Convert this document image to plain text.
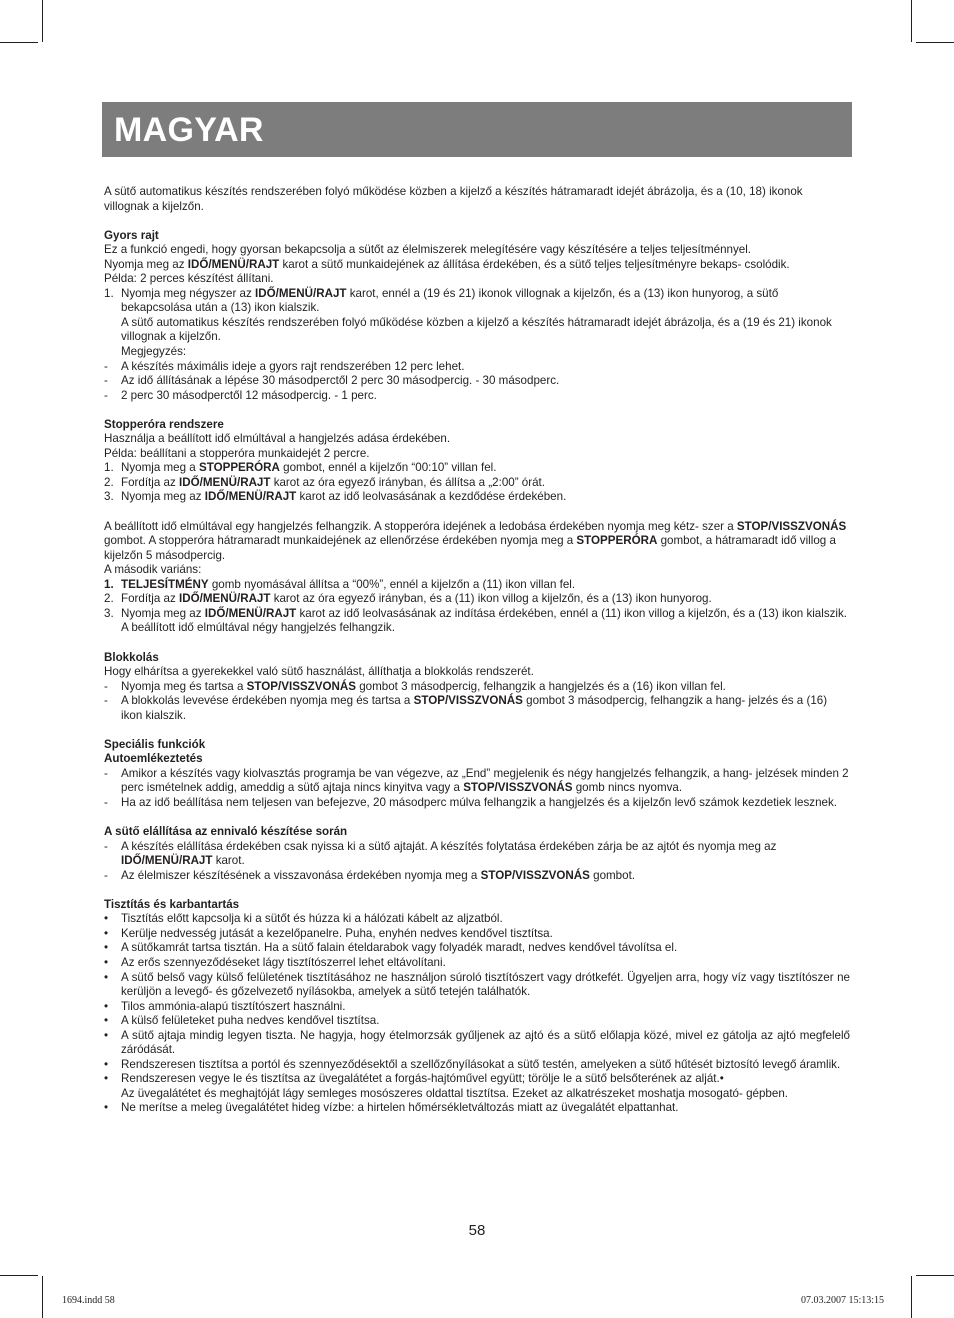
MAGYAR

A sütő automatikus készítés rendszerében folyó működése közben a kijelző a készítés hátramaradt idejét ábrázolja, és a (10, 18) ikonok villognak a kijelzőn.

Gyors rajt

Ez a funkció engedi, hogy gyorsan bekapcsolja a sütőt az élelmiszerek melegítésére vagy készítésére a teljes teljesítménnyel.

Nyomja meg az IDŐ/MENÜ/RAJT karot a sütő munkaidejének az állítása érdekében, és a sütő teljes teljesítményre bekaps- csolódik.

Példa: 2 perces készítést állítani.

1. Nyomja meg négyszer az IDŐ/MENÜ/RAJT karot, ennél a (19 és 21) ikonok villognak a kijelzőn, és a (13) ikon hunyorog, a sütő bekapcsolása után a (13) ikon kialszik.

A sütő automatikus készítés rendszerében folyó működése közben a kijelző a készítés hátramaradt idejét ábrázolja, és a (19 és 21) ikonok villognak a kijelzőn.

Megjegyzés:

-	A készítés máximális ideje a gyors rajt rendszerében 12 perc lehet.
-	Az idő állításának a lépése 30 másodperctől 2 perc 30 másodpercig. - 30 másodperc.
-	2 perc 30 másodperctől 12 másodpercig. - 1 perc.

Stopperóra rendszere

Használja a beállított idő elmúltával a hangjelzés adása érdekében.

Példa: beállítani a stopperóra munkaidejét 2 percre.

1. Nyomja meg a STOPPERÓRA gombot, ennél a kijelzőn “00:10” villan fel.
2. Fordítja az IDŐ/MENÜ/RAJT karot az óra egyező irányban, és állítsa a „2:00” órát.
3. Nyomja meg az IDŐ/MENÜ/RAJT karot az idő leolvasásának a kezdődése érdekében.

A beállított idő elmúltával egy hangjelzés felhangzik. A stopperóra idejének a ledobása érdekében nyomja meg kétz- szer a STOP/VISSZVONÁS gombot. A stopperóra hátramaradt munkaidejének az ellenőrzése érdekében nyomja meg a STOPPERÓRA gombot, a hátramaradt idő villog a kijelzőn 5 másodpercig.

A második variáns:

1. TELJESÍTMÉNY gomb nyomásával állítsa a “00%”, ennél a kijelzőn a (11) ikon villan fel.
2. Fordítja az IDŐ/MENÜ/RAJT karot az óra egyező irányban, és a (11) ikon villog a kijelzőn, és a (13) ikon hunyorog.
3. Nyomja meg az IDŐ/MENÜ/RAJT karot az idő leolvasásának az indítása érdekében, ennél a (11) ikon villog a kijelzőn, és a (13) ikon kialszik.

A beállított idő elmúltával négy hangjelzés felhangzik.

Blokkolás

Hogy elhárítsa a gyerekekkel való sütő használást, állíthatja a blokkolás rendszerét.

-	Nyomja meg és tartsa a STOP/VISSZVONÁS gombot 3 másodpercig, felhangzik a hangjelzés és a (16) ikon villan fel.
-	A blokkolás levevése érdekében nyomja meg és tartsa a STOP/VISSZVONÁS gombot 3 másodpercig, felhangzik a hang- jelzés és a (16) ikon kialszik.

Speciális funkciók

Autoemlékeztetés

-	Amikor a készítés vagy kiolvasztás programja be van végezve, az „End” megjelenik és négy hangjelzés felhangzik, a hang- jelzések minden 2 perc ismételnek addig, ameddig a sütő ajtaja nincs kinyitva vagy a STOP/VISSZVONÁS gomb nincs nyomva.
-	Ha az idő beállítása nem teljesen van befejezve, 20 másodperc múlva felhangzik a hangjelzés és a kijelzőn levő számok kezdetiek lesznek.

A sütő elállítása az ennivaló készítése során

-	A készítés elállítása érdekében csak nyissa ki a sütő ajtaját. A készítés folytatása érdekében zárja be az ajtót és nyomja meg az IDŐ/MENÜ/RAJT karot.
-	Az élelmiszer készítésének a visszavonása érdekében nyomja meg a STOP/VISSZVONÁS gombot.

Tisztítás és karbantartás

•	Tisztítás előtt kapcsolja ki a sütőt és húzza ki a hálózati kábelt az aljzatból.
•	Kerülje nedvesség jutását a kezelőpanelre. Puha, enyhén nedves kendővel tisztítsa.
•	A sütőkamrát tartsa tisztán. Ha a sütő falain ételdarabok vagy folyadék maradt, nedves kendővel távolítsa el.
•	Az erős szennyeződéseket lágy tisztítószerrel lehet eltávolítani.
•	A sütő belső vagy külső felületének tisztításához ne használjon súroló tisztítószert vagy drótkefét. Ügyeljen arra, hogy víz vagy tisztítószer ne kerüljön a levegő- és gőzelvezető nyílásokba, amelyek a sütő tetején találhatók.
•	Tilos ammónia-alapú tisztítószert használni.
•	A külső felületeket puha nedves kendővel tisztítsa.
•	A sütő ajtaja mindig legyen tiszta. Ne hagyja, hogy ételmorzsák gyűljenek az ajtó és a sütő előlapja közé, mivel ez gátolja az ajtó megfelelő záródását.
•	Rendszeresen tisztítsa a portól és szennyeződésektől a szellőzőnyílásokat a sütő testén, amelyeken a sütő hűtését biztosító levegő áramlik.
•	Rendszeresen vegye le és tisztítsa az üvegalátétet a forgás-hajtóművel együtt; törölje le a sütő belsőterének az alját.•

Az üvegalátétet és meghajtóját lágy semleges mosószeres oldattal tisztítsa. Ezeket az alkatrészeket moshatja mosogató- gépben.

•	Ne merítse a meleg üvegalátétet hideg vízbe: a hirtelen hőmérsékletváltozás miatt az üvegalátét elpattanhat.
58
1694.indd 58	07.03.2007 15:13:15
